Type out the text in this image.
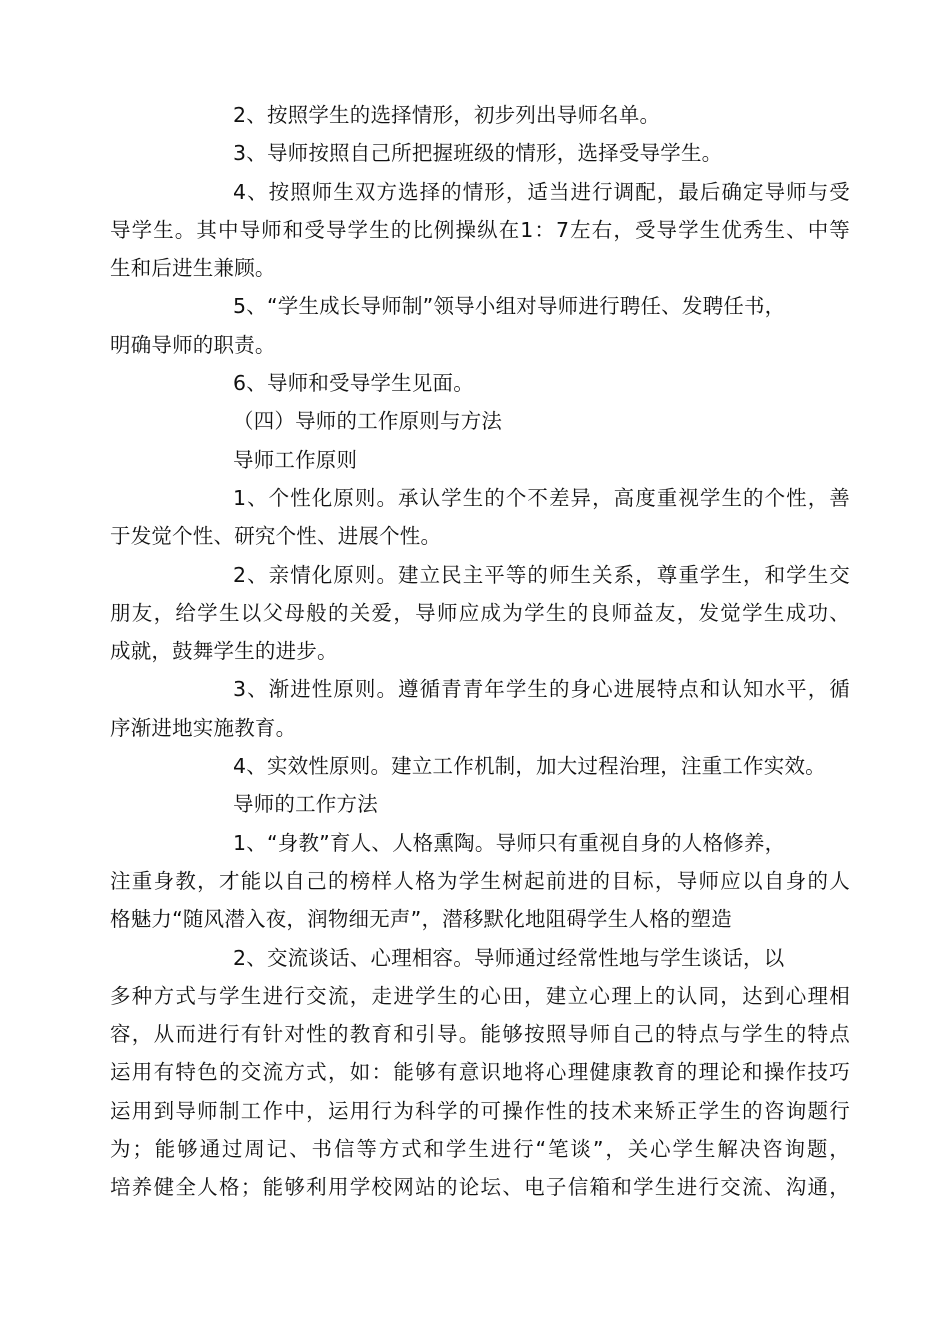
2、按照学生的选择情形，初步列出导师名单。
3、导师按照自己所把握班级的情形，选择受导学生。
4、按照师生双方选择的情形，适当进行调配，最后确定导师与受
导学生。其中导师和受导学生的比例操纵在1：7左右，受导学生优秀生、中等
生和后进生兼顾。
5、“学生成长导师制”领导小组对导师进行聘任、发聘任书，
明确导师的职责。
6、导师和受导学生见面。
（四）导师的工作原则与方法
导师工作原则
1、个性化原则。承认学生的个不差异，高度重视学生的个性，善
于发觉个性、研究个性、进展个性。
2、亲情化原则。建立民主平等的师生关系，尊重学生，和学生交
朋友，给学生以父母般的关爱，导师应成为学生的良师益友，发觉学生成功、
成就，鼓舞学生的进步。
3、渐进性原则。遵循青青年学生的身心进展特点和认知水平，循
序渐进地实施教育。
4、实效性原则。建立工作机制，加大过程治理，注重工作实效。
导师的工作方法
1、“身教”育人、人格熏陶。导师只有重视自身的人格修养，
注重身教，才能以自己的榜样人格为学生树起前进的目标，导师应以自身的人
格魅力“随风潜入夜，润物细无声”，潜移默化地阻碍学生人格的塑造
2、交流谈话、心理相容。导师通过经常性地与学生谈话，以
多种方式与学生进行交流，走进学生的心田，建立心理上的认同，达到心理相
容，从而进行有针对性的教育和引导。能够按照导师自己的特点与学生的特点
运用有特色的交流方式，如：能够有意识地将心理健康教育的理论和操作技巧
运用到导师制工作中，运用行为科学的可操作性的技术来矫正学生的咨询题行
为；能够通过周记、书信等方式和学生进行“笔谈”，关心学生解决咨询题，
培养健全人格；能够利用学校网站的论坛、电子信箱和学生进行交流、沟通，
